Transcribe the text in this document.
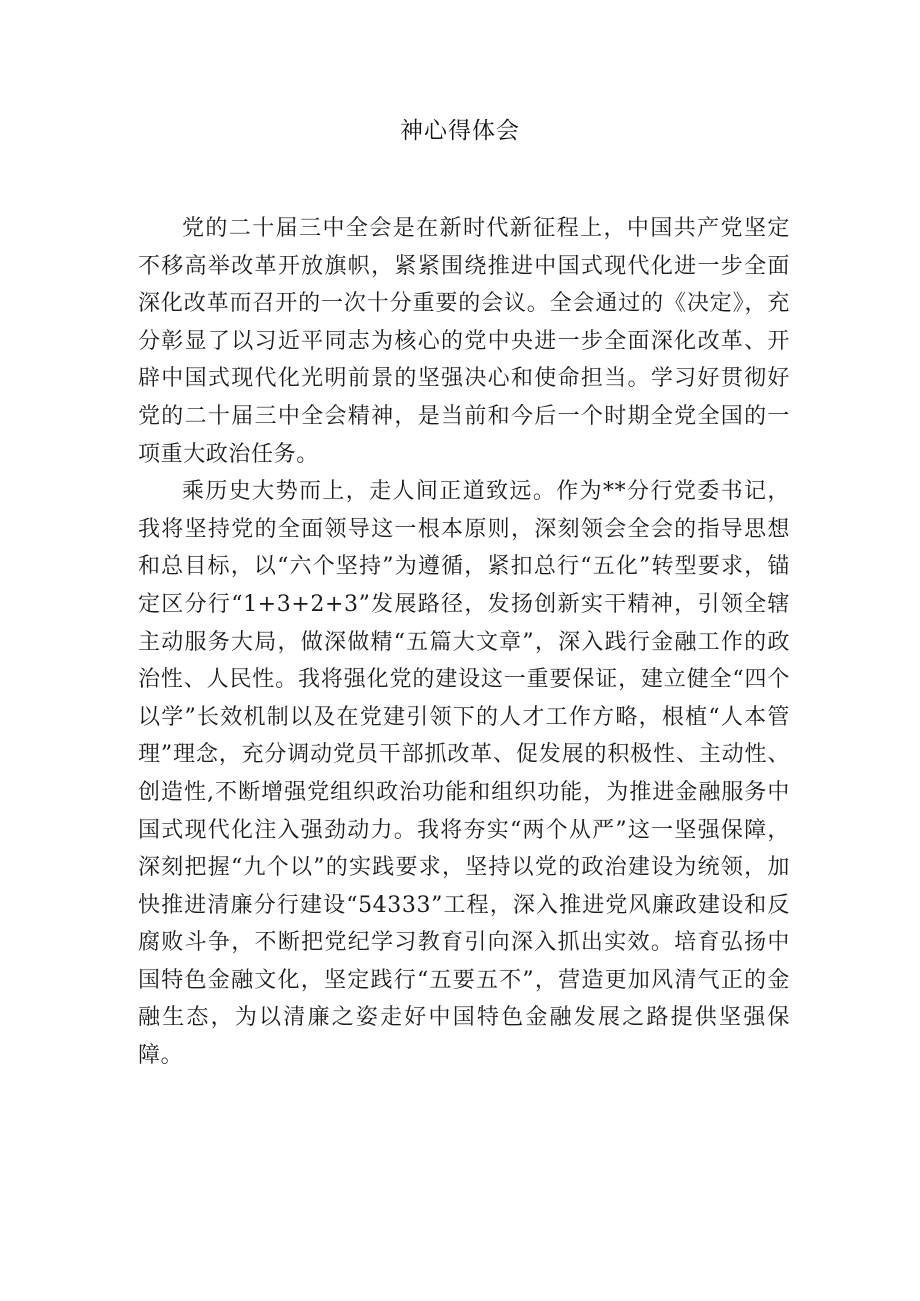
神心得体会

党的二十届三中全会是在新时代新征程上，中国共产党坚定不移高举改革开放旗帜，紧紧围绕推进中国式现代化进一步全面深化改革而召开的一次十分重要的会议。全会通过的《决定》，充分彰显了以习近平同志为核心的党中央进一步全面深化改革、开辟中国式现代化光明前景的坚强决心和使命担当。学习好贯彻好党的二十届三中全会精神，是当前和今后一个时期全党全国的一项重大政治任务。

乘历史大势而上，走人间正道致远。作为**分行党委书记，我将坚持党的全面领导这一根本原则，深刻领会全会的指导思想和总目标，以“六个坚持”为遵循，紧扣总行“五化”转型要求，锚定区分行“1+3+2+3”发展路径，发扬创新实干精神，引领全辖主动服务大局，做深做精“五篇大文章”，深入践行金融工作的政治性、人民性。我将强化党的建设这一重要保证，建立健全“四个以学”长效机制以及在党建引领下的人才工作方略，根植“人本管理”理念，充分调动党员干部抓改革、促发展的积极性、主动性、创造性,不断增强党组织政治功能和组织功能，为推进金融服务中国式现代化注入强劲动力。我将夯实“两个从严”这一坚强保障，深刻把握“九个以”的实践要求，坚持以党的政治建设为统领，加快推进清廉分行建设“54333”工程，深入推进党风廉政建设和反腐败斗争，不断把党纪学习教育引向深入抓出实效。培育弘扬中国特色金融文化，坚定践行“五要五不”，营造更加风清气正的金融生态，为以清廉之姿走好中国特色金融发展之路提供坚强保障。
